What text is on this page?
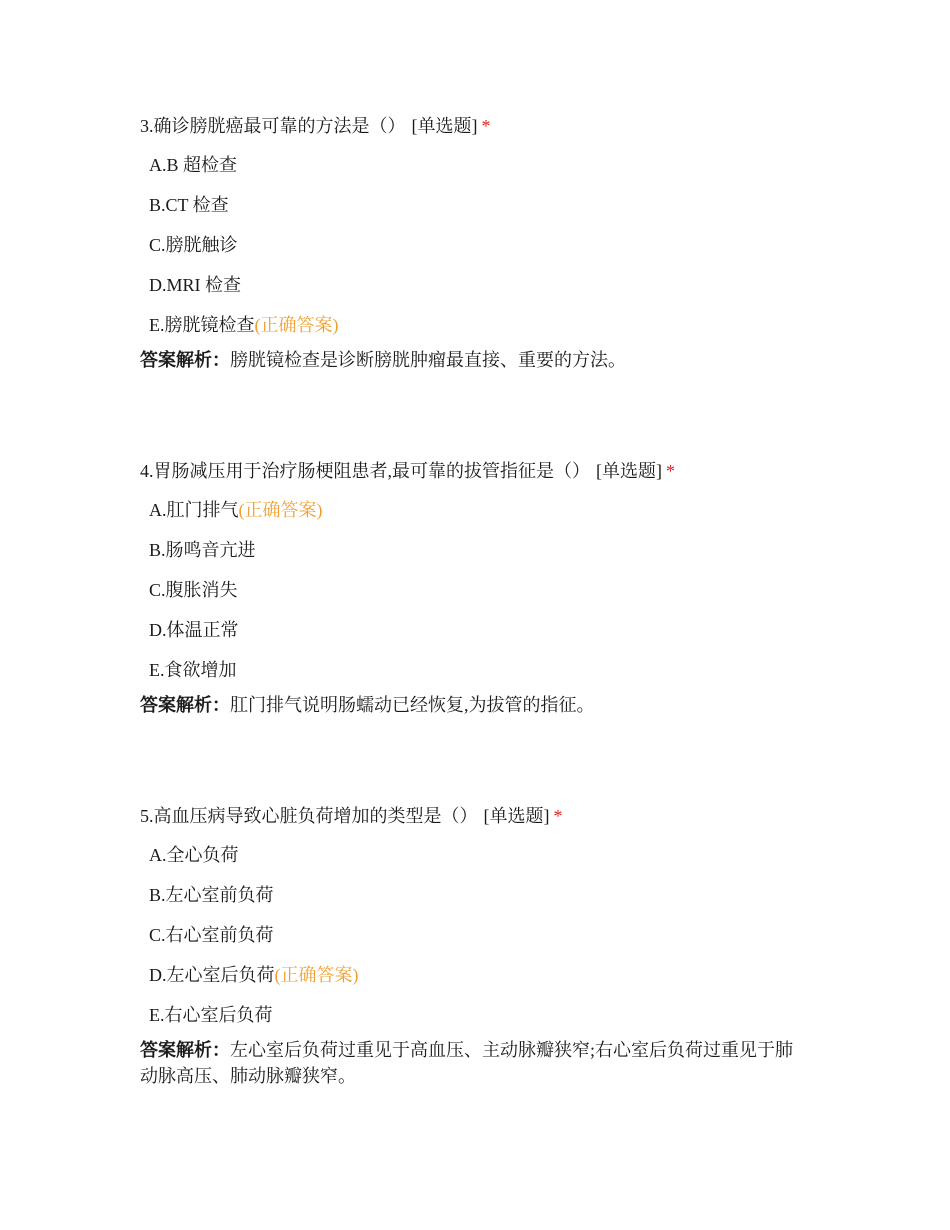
3.确诊膀胱癌最可靠的方法是（） [单选题] *

A.B 超检查
B.CT 检查
C.膀胱触诊
D.MRI 检查
E.膀胱镜检查(正确答案)

答案解析：膀胱镜检查是诊断膀胱肿瘤最直接、重要的方法。

4.胃肠减压用于治疗肠梗阻患者,最可靠的拔管指征是（） [单选题] *

A.肛门排气(正确答案)
B.肠鸣音亢进
C.腹胀消失
D.体温正常
E.食欲增加

答案解析：肛门排气说明肠蠕动已经恢复,为拔管的指征。

5.高血压病导致心脏负荷增加的类型是（） [单选题] *

A.全心负荷
B.左心室前负荷
C.右心室前负荷
D.左心室后负荷(正确答案)
E.右心室后负荷

答案解析：左心室后负荷过重见于高血压、主动脉瓣狭窄;右心室后负荷过重见于肺动脉高压、肺动脉瓣狭窄。
